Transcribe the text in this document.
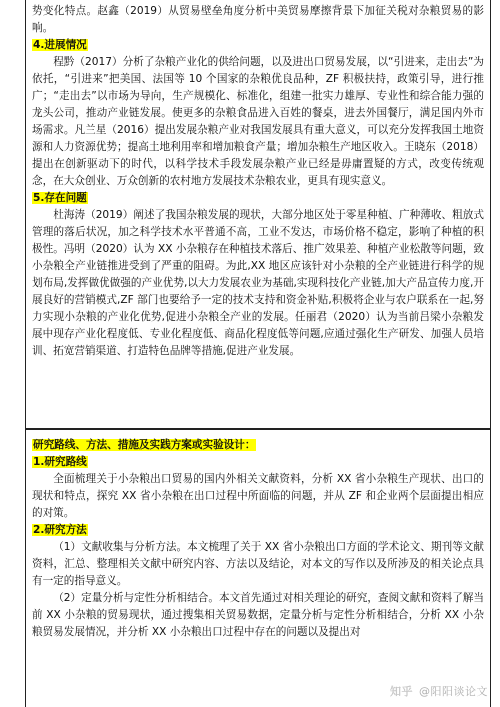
势变化特点。赵鑫（2019）从贸易壁垒角度分析中美贸易摩擦背景下加征关税对杂粮贸易的影响。

4.进展情况

程黔（2017）分析了杂粮产业化的供给问题，以及进出口贸易发展，以“引进来，走出去”为依托，“引进来”把美国、法国等 10 个国家的杂粮优良品种，ZF 积极扶持，政策引导，进行推广；“走出去”以市场为导向，生产规模化、标准化，组建一批实力雄厚、专业性和综合能力强的龙头公司，推动产业链发展。使更多的杂粮食品进入百姓的餐桌，进去外国餐厅，满足国内外市场需求。凡兰星（2016）提出发展杂粮产业对我国发展具有重大意义，可以充分发挥我国土地资源和人力资源优势；提高土地利用率和增加粮食产量；增加杂粮生产地区收入。王晓东（2018）提出在创新驱动下的时代，以科学技术手段发展杂粮产业已经是毋庸置疑的方式，改变传统观念，在大众创业、万众创新的农村地方发展技术杂粮农业，更具有现实意义。

5.存在问题

杜海涛（2019）阐述了我国杂粮发展的现状，大部分地区处于零星种植、广种薄收、粗放式管理的落后状况，加之科学技术水平普通不高，工业不发达，市场价格不稳定，影响了种植的积极性。冯明（2020）认为 XX 小杂粮存在种植技术落后、推广效果差、种植产业松散等问题，致小杂粮全产业链推进受到了严重的阻碍。为此,XX 地区应该针对小杂粮的全产业链进行科学的规划布局,发挥做优做强的产业优势,以大力发展农业为基础,实现科技化产业链,加大产品宣传力度,开展良好的营销模式,ZF 部门也要给予一定的技术支持和资金补贴,积极将企业与农户联系在一起,努力实现小杂粮的产业化优势,促进小杂粮全产业的发展。任丽君（2020）认为当前吕梁小杂粮发展中现存产业化程度低、专业化程度低、商品化程度低等问题,应通过强化生产研发、加强人员培训、拓宽营销渠道、打造特色品牌等措施,促进产业发展。

研究路线、方法、措施及实践方案或实验设计：

1.研究路线

全面梳理关于小杂粮出口贸易的国内外相关文献资料，分析 XX 省小杂粮生产现状、出口的现状和特点，探究 XX 省小杂粮在出口过程中所面临的问题，并从 ZF 和企业两个层面提出相应的对策。

2.研究方法

（1）文献收集与分析方法。本文梳理了关于 XX 省小杂粮出口方面的学术论文、期刊等文献资料，汇总、整理相关文献中研究内容、方法以及结论，对本文的写作以及所涉及的相关论点具有一定的指导意义。

（2）定量分析与定性分析相结合。本文首先通过对相关理论的研究，查阅文献和资料了解当前 XX 小杂粮的贸易现状，通过搜集相关贸易数据，定量分析与定性分析相结合，分析 XX 小杂粮贸易发展情况，并分析 XX 小杂粮出口过程中存在的问题以及提出对

知乎 @阳阳谈论文
